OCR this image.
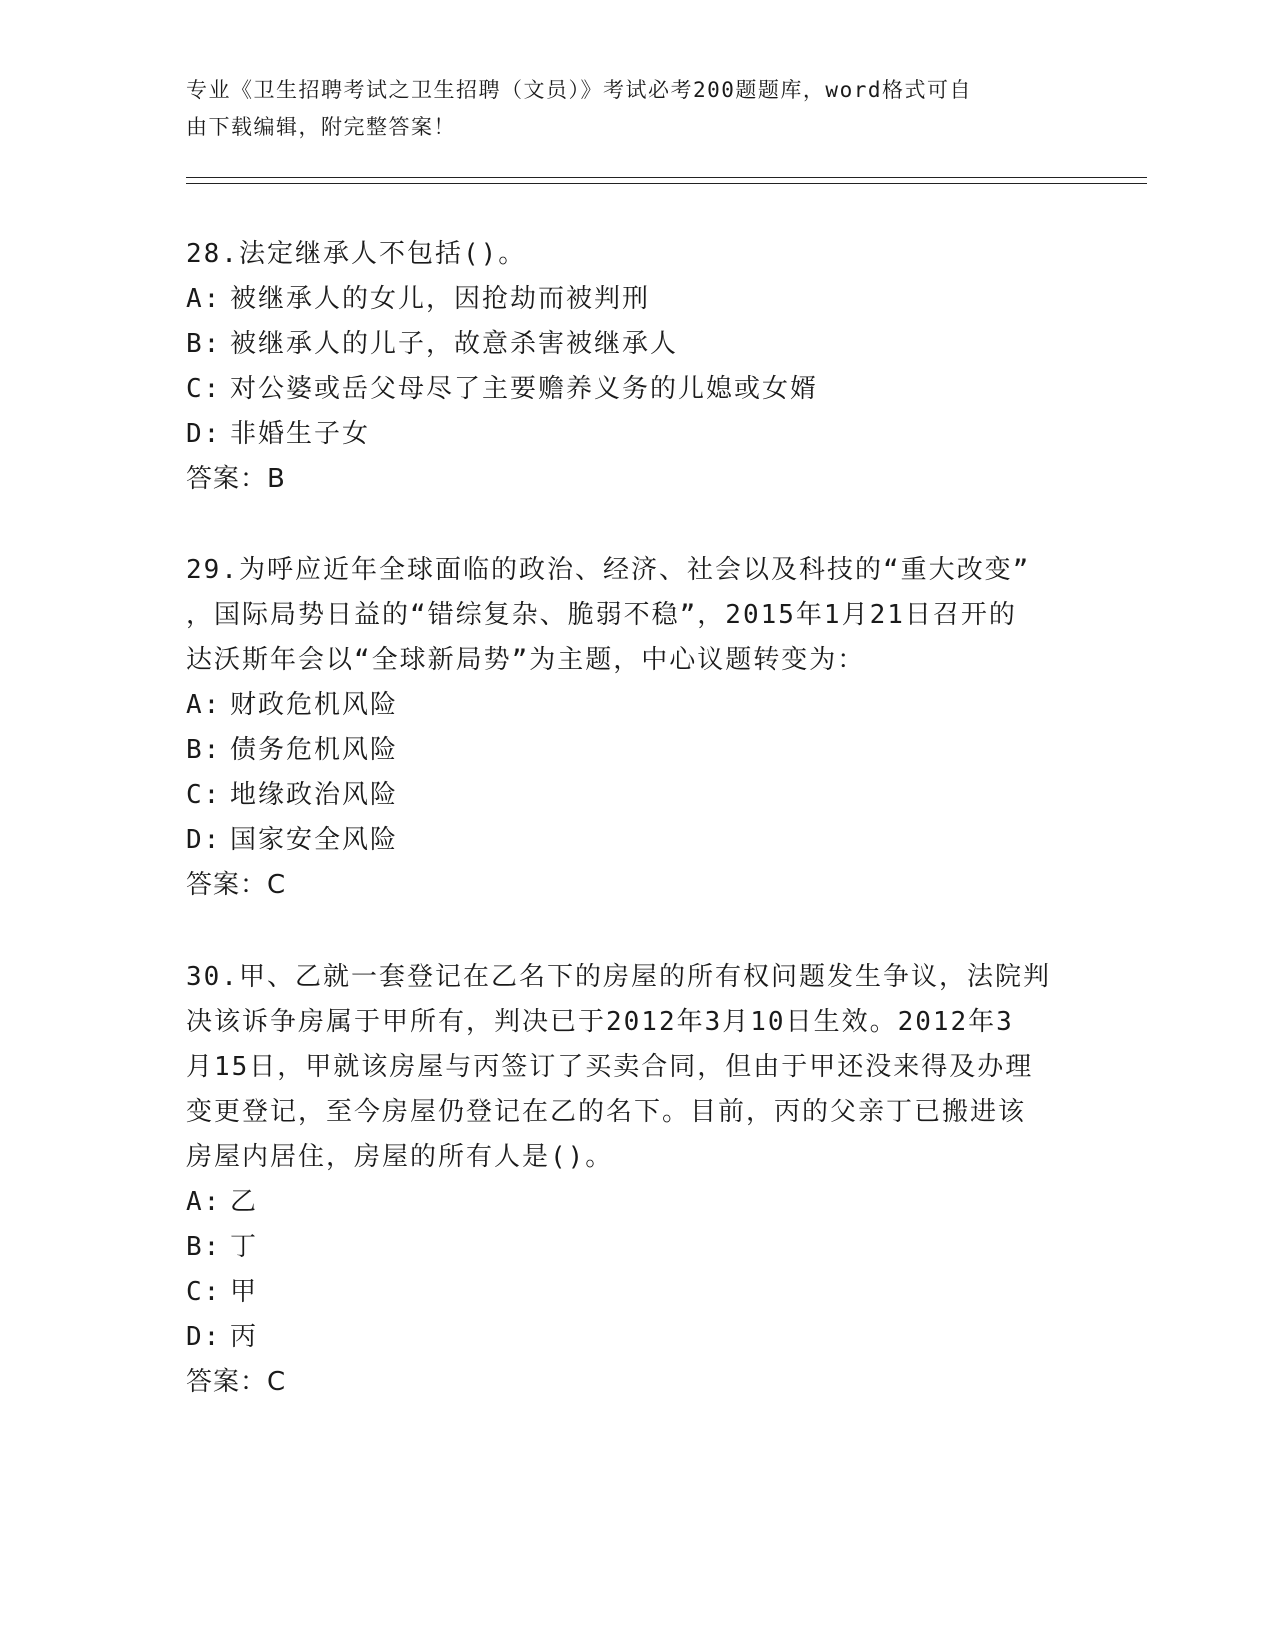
专业《卫生招聘考试之卫生招聘（文员）》考试必考200题题库，word格式可自
由下载编辑，附完整答案！

28.法定继承人不包括()。

A: 被继承人的女儿，因抢劫而被判刑

B: 被继承人的儿子，故意杀害被继承人

C: 对公婆或岳父母尽了主要赡养义务的儿媳或女婿

D: 非婚生子女

答案：B

29.为呼应近年全球面临的政治、经济、社会以及科技的“重大改变”

，国际局势日益的“错综复杂、脆弱不稳”，2015年1月21日召开的

达沃斯年会以“全球新局势”为主题，中心议题转变为：

A: 财政危机风险

B: 债务危机风险

C: 地缘政治风险

D: 国家安全风险

答案：C

30.甲、乙就一套登记在乙名下的房屋的所有权问题发生争议，法院判

决该诉争房属于甲所有，判决已于2012年3月10日生效。2012年3

月15日，甲就该房屋与丙签订了买卖合同，但由于甲还没来得及办理

变更登记，至今房屋仍登记在乙的名下。目前，丙的父亲丁已搬进该

房屋内居住，房屋的所有人是()。

A: 乙

B: 丁

C: 甲

D: 丙

答案：C
